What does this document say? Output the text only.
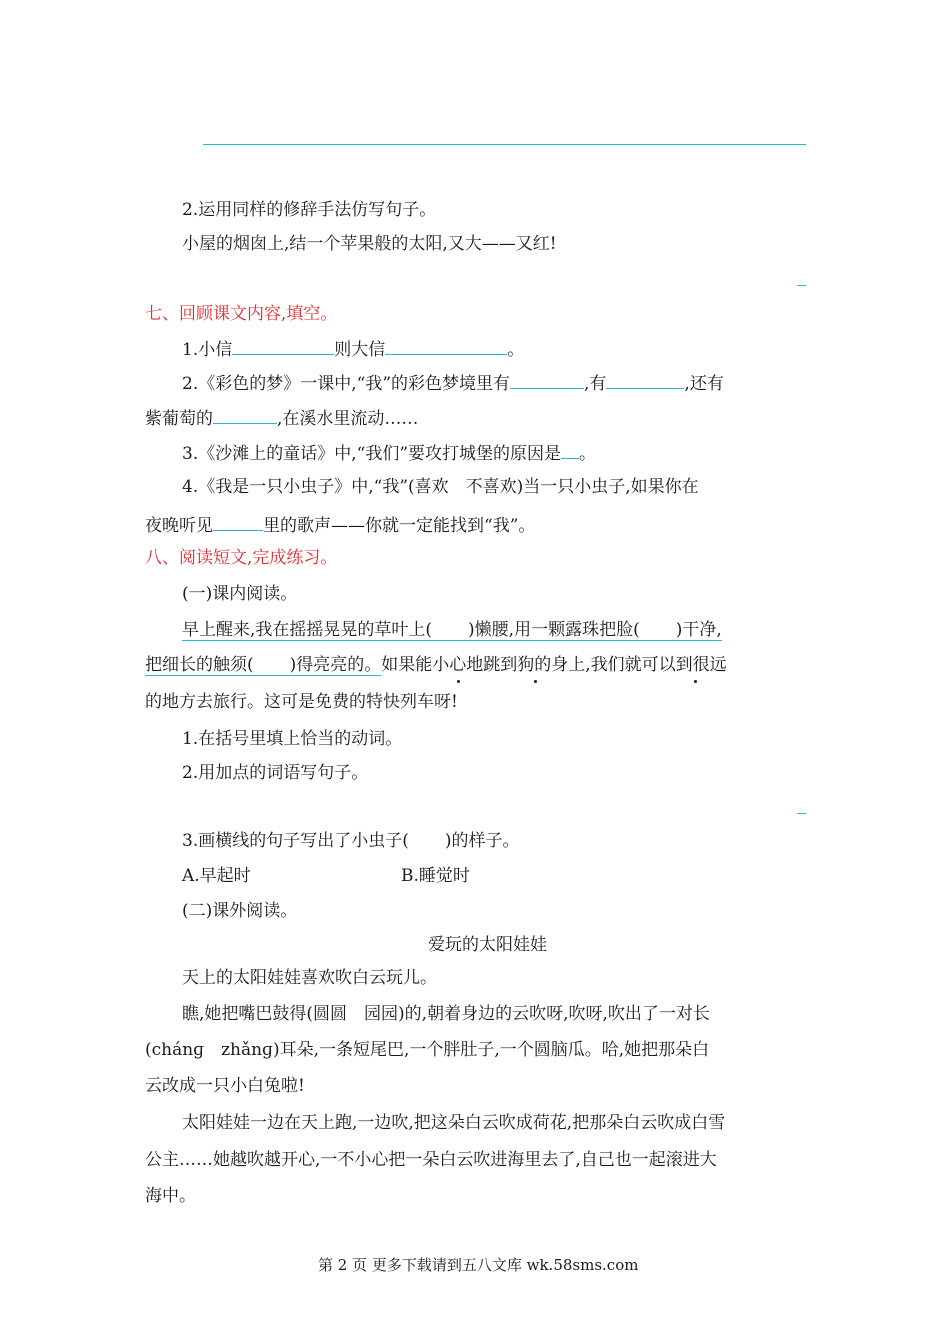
2.运用同样的修辞手法仿写句子。
小屋的烟囱上,结一个苹果般的太阳,又大——又红!
七、回顾课文内容,填空。
1.小信	则大信	。
2.《彩色的梦》一课中,“我”的彩色梦境里有	,有	,还有
紫葡萄的	,在溪水里流动……
3.《沙滩上的童话》中,“我们”要攻打城堡的原因是 。
4.《我是一只小虫子》中,“我”(喜欢　不喜欢)当一只小虫子,如果你在
夜晚听见	里的歌声——你就一定能找到“我”。
八、阅读短文,完成练习。
(一)课内阅读。
早上醒来,我在摇摇晃晃的草叶上( )懒腰,用一颗露珠把脸( )干净,
把细长的触须( )得亮亮的。如果能小心地跳到狗的身上,我们就可以到很远
的地方去旅行。这可是免费的特快列车呀!
1.在括号里填上恰当的动词。
2.用加点的词语写句子。
3.画横线的句子写出了小虫子( )的样子。
A.早起时	B.睡觉时
(二)课外阅读。
爱玩的太阳娃娃
天上的太阳娃娃喜欢吹白云玩儿。
瞧,她把嘴巴鼓得(圆圆　园园)的,朝着身边的云吹呀,吹呀,吹出了一对长
(chánɡ　zhǎnɡ)耳朵,一条短尾巴,一个胖肚子,一个圆脑瓜。哈,她把那朵白
云改成一只小白兔啦!
太阳娃娃一边在天上跑,一边吹,把这朵白云吹成荷花,把那朵白云吹成白雪
公主……她越吹越开心,一不小心把一朵白云吹进海里去了,自己也一起滚进大
海中。
第 2 页 更多下载请到五八文库 wk.58sms.com
